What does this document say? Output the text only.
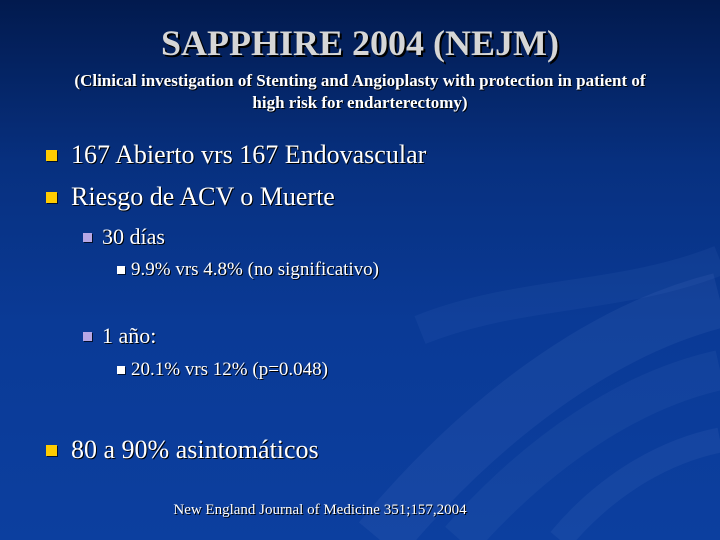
SAPPHIRE 2004 (NEJM)

(Clinical investigation of Stenting and Angioplasty with protection in patient of high risk for endarterectomy)

167 Abierto vrs 167 Endovascular
Riesgo de ACV o Muerte
30 días
9.9% vrs 4.8% (no significativo)
1 año:
20.1% vrs 12% (p=0.048)
80 a 90% asintomáticos
New England Journal of Medicine 351;157,2004
